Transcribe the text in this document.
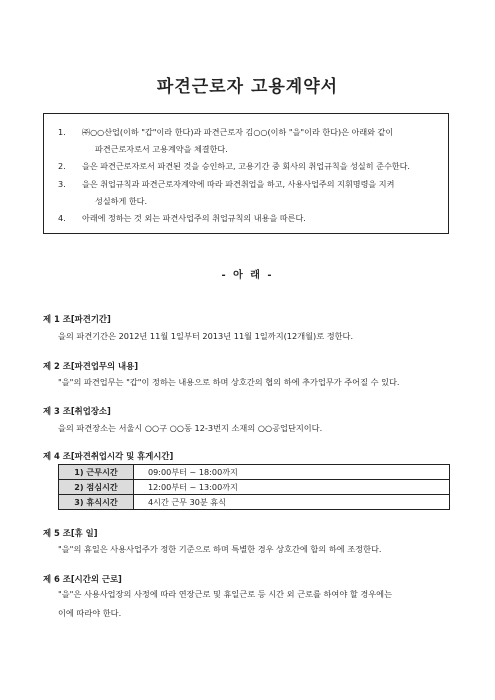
파견근로자 고용계약서
1.	㈜○○산업(이하 "갑"이라 한다)과 파견근로자 김○○(이하 "을"이라 한다)은 아래와 같이
파견근로자로서 고용계약을 체결한다.
2.	을은 파견근로자로서 파견된 것을 승인하고, 고용기간 중 회사의 취업규칙을 성실히 준수한다.
3.	을은 취업규칙과 파견근로자계약에 따라 파견취업을 하고, 사용사업주의 지휘명령을 지켜
성실하게 한다.
4.	아래에 정하는 것 외는 파견사업주의 취업규칙의 내용을 따른다.
- 아 래 -
제 1 조[파견기간]
을의 파견기간은 2012년 11월 1일부터 2013년 11월 1일까지(12개월)로 정한다.
제 2 조[파견업무의 내용]
"을"의 파견업무는 "갑"이 정하는 내용으로 하며 상호간의 협의 하에 추가업무가 주어질 수 있다.
제 3 조[취업장소]
을의 파견장소는 서울시 ○○구 ○○동 12-3번지 소재의 ○○공업단지이다.
제 4 조[파견취업시각 및 휴게시간]
1) 근무시간	09:00부터 ~ 18:00까지
2) 점심시간	12:00부터 ~ 13:00까지
3) 휴식시간	4시간 근무 30분 휴식
제 5 조[휴 일]
"을"의 휴일은 사용사업주가 정한 기준으로 하며 특별한 경우 상호간에 합의 하에 조정한다.
제 6 조[시간외 근로]
"을"은 사용사업장의 사정에 따라 연장근로 및 휴일근로 등 시간 외 근로를 하여야 할 경우에는
이에 따라야 한다.
